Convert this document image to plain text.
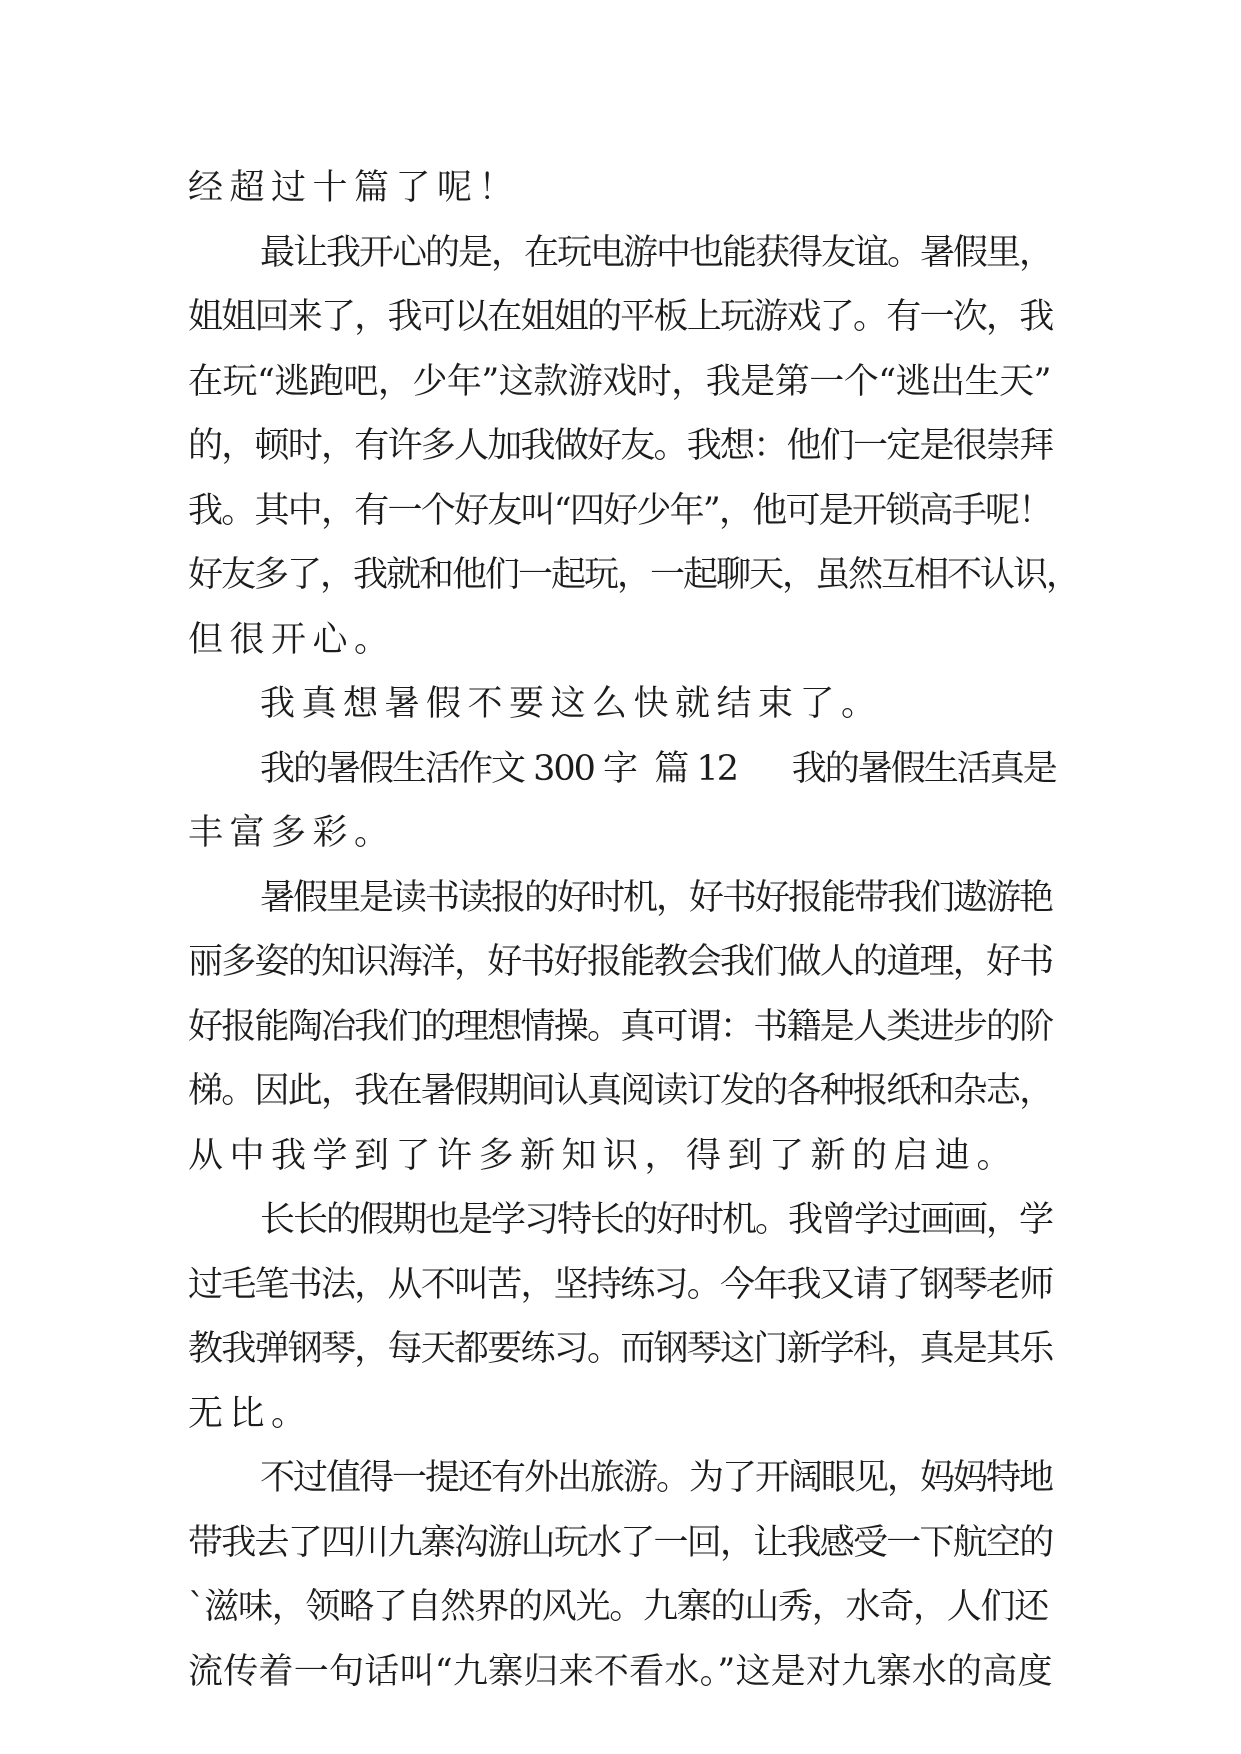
经超过十篇了呢！
最让我开心的是，在玩电游中也能获得友谊。暑假里，
姐姐回来了，我可以在姐姐的平板上玩游戏了。有一次，我
在玩“逃跑吧，少年”这款游戏时，我是第一个“逃出生天”
的，顿时，有许多人加我做好友。我想：他们一定是很崇拜
我。其中，有一个好友叫“四好少年”，他可是开锁高手呢！
好友多了，我就和他们一起玩，一起聊天，虽然互相不认识，
但很开心。
我真想暑假不要这么快就结束了。
我的暑假生活作文 300 字  篇 12      我的暑假生活真是
丰富多彩。
暑假里是读书读报的好时机，好书好报能带我们遨游艳
丽多姿的知识海洋，好书好报能教会我们做人的道理，好书
好报能陶冶我们的理想情操。真可谓：书籍是人类进步的阶
梯。因此，我在暑假期间认真阅读订发的各种报纸和杂志，
从中我学到了许多新知识，得到了新的启迪。
长长的假期也是学习特长的好时机。我曾学过画画，学
过毛笔书法，从不叫苦，坚持练习。今年我又请了钢琴老师
教我弹钢琴，每天都要练习。而钢琴这门新学科，真是其乐
无比。
不过值得一提还有外出旅游。为了开阔眼见，妈妈特地
带我去了四川九寨沟游山玩水了一回，让我感受一下航空的
`滋味，领略了自然界的风光。九寨的山秀，水奇，人们还
流传着一句话叫“九寨归来不看水。”这是对九寨水的高度
